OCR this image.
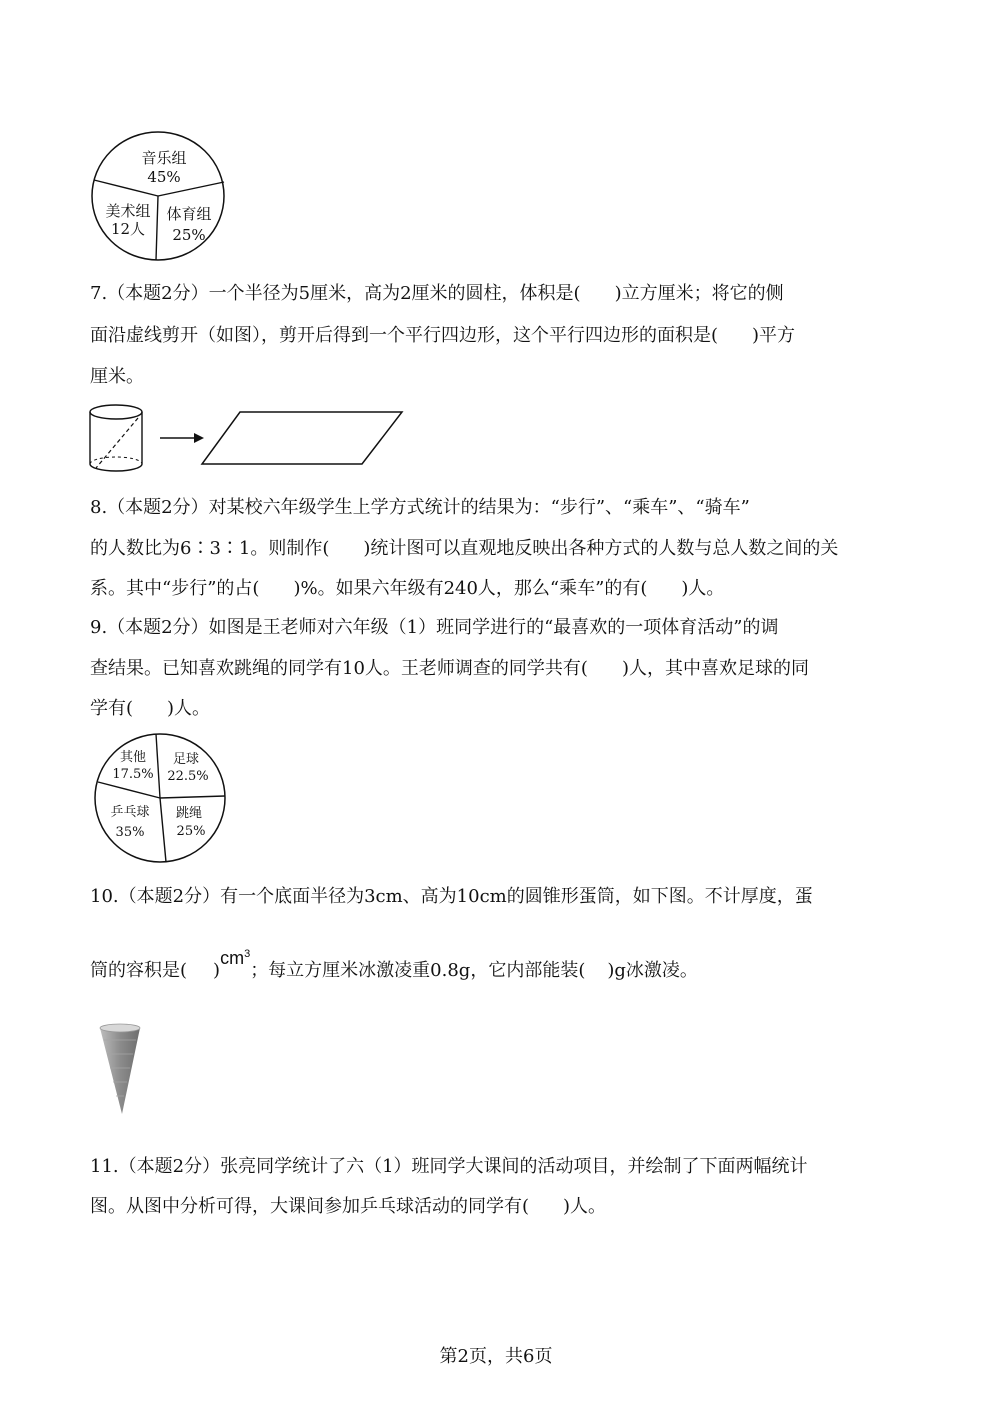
音乐组
45%
美术组
12人
体育组
25%
7.（本题2分）一个半径为5厘米，高为2厘米的圆柱，体积是( )立方厘米；将它的侧
面沿虚线剪开（如图），剪开后得到一个平行四边形，这个平行四边形的面积是( )平方
厘米。
8.（本题2分）对某校六年级学生上学方式统计的结果为：“步行”、“乘车”、“骑车”
的人数比为6∶3∶1。则制作( )统计图可以直观地反映出各种方式的人数与总人数之间的关
系。其中“步行”的占( )%。如果六年级有240人，那么“乘车”的有( )人。
9.（本题2分）如图是王老师对六年级（1）班同学进行的“最喜欢的一项体育活动”的调
查结果。已知喜欢跳绳的同学有10人。王老师调查的同学共有( )人，其中喜欢足球的同
学有( )人。
其他
17.5%
足球
22.5%
乒乓球
35%
跳绳
25%
10.（本题2分）有一个底面半径为3cm、高为10cm的圆锥形蛋筒，如下图。不计厚度，蛋
筒的容积是( )$cm^3$；每立方厘米冰激凌重0.8g，它内部能装( )g冰激凌。
11.（本题2分）张亮同学统计了六（1）班同学大课间的活动项目，并绘制了下面两幅统计
图。从图中分析可得，大课间参加乒乓球活动的同学有( )人。
第2页，共6页
